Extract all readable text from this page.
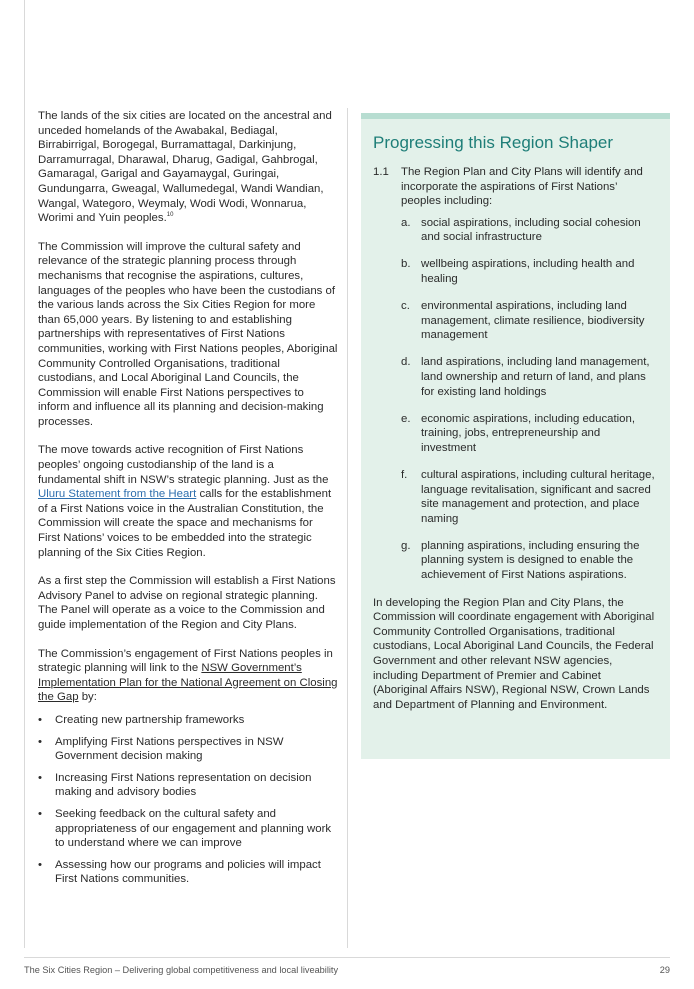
The lands of the six cities are located on the ancestral and unceded homelands of the Awabakal, Bediagal, Birrabirrigal, Borogegal, Burramattagal, Darkinjung, Darramurragal, Dharawal, Dharug, Gadigal, Gahbrogal, Gamaragal, Garigal and Gayamaygal, Guringai, Gundungarra, Gweagal, Wallumedegal, Wandi Wandian, Wangal, Wategoro, Weymaly, Wodi Wodi, Wonnarua, Worimi and Yuin peoples.$^{10}$

The Commission will improve the cultural safety and relevance of the strategic planning process through mechanisms that recognise the aspirations, cultures, languages of the peoples who have been the custodians of the various lands across the Six Cities Region for more than 65,000 years. By listening to and establishing partnerships with representatives of First Nations communities, working with First Nations peoples, Aboriginal Community Controlled Organisations, traditional custodians, and Local Aboriginal Land Councils, the Commission will enable First Nations perspectives to inform and influence all its planning and decision-making processes.

The move towards active recognition of First Nations peoples’ ongoing custodianship of the land is a fundamental shift in NSW’s strategic planning. Just as the Uluru Statement from the Heart calls for the establishment of a First Nations voice in the Australian Constitution, the Commission will create the space and mechanisms for First Nations’ voices to be embedded into the strategic planning of the Six Cities Region.

As a first step the Commission will establish a First Nations Advisory Panel to advise on regional strategic planning. The Panel will operate as a voice to the Commission and guide implementation of the Region and City Plans.

The Commission’s engagement of First Nations peoples in strategic planning will link to the NSW Government’s Implementation Plan for the National Agreement on Closing the Gap by:

• Creating new partnership frameworks
• Amplifying First Nations perspectives in NSW Government decision making
• Increasing First Nations representation on decision making and advisory bodies
• Seeking feedback on the cultural safety and appropriateness of our engagement and planning work to understand where we can improve
• Assessing how our programs and policies will impact First Nations communities.
Progressing this Region Shaper
1.1 The Region Plan and City Plans will identify and incorporate the aspirations of First Nations’ peoples including:
a. social aspirations, including social cohesion and social infrastructure
b. wellbeing aspirations, including health and healing
c. environmental aspirations, including land management, climate resilience, biodiversity management
d. land aspirations, including land management, land ownership and return of land, and plans for existing land holdings
e. economic aspirations, including education, training, jobs, entrepreneurship and investment
f. cultural aspirations, including cultural heritage, language revitalisation, significant and sacred site management and protection, and place naming
g. planning aspirations, including ensuring the planning system is designed to enable the achievement of First Nations aspirations.

In developing the Region Plan and City Plans, the Commission will coordinate engagement with Aboriginal Community Controlled Organisations, traditional custodians, Local Aboriginal Land Councils, the Federal Government and other relevant NSW agencies, including Department of Premier and Cabinet (Aboriginal Affairs NSW), Regional NSW, Crown Lands and Department of Planning and Environment.

The Six Cities Region – Delivering global competitiveness and local liveability	29
